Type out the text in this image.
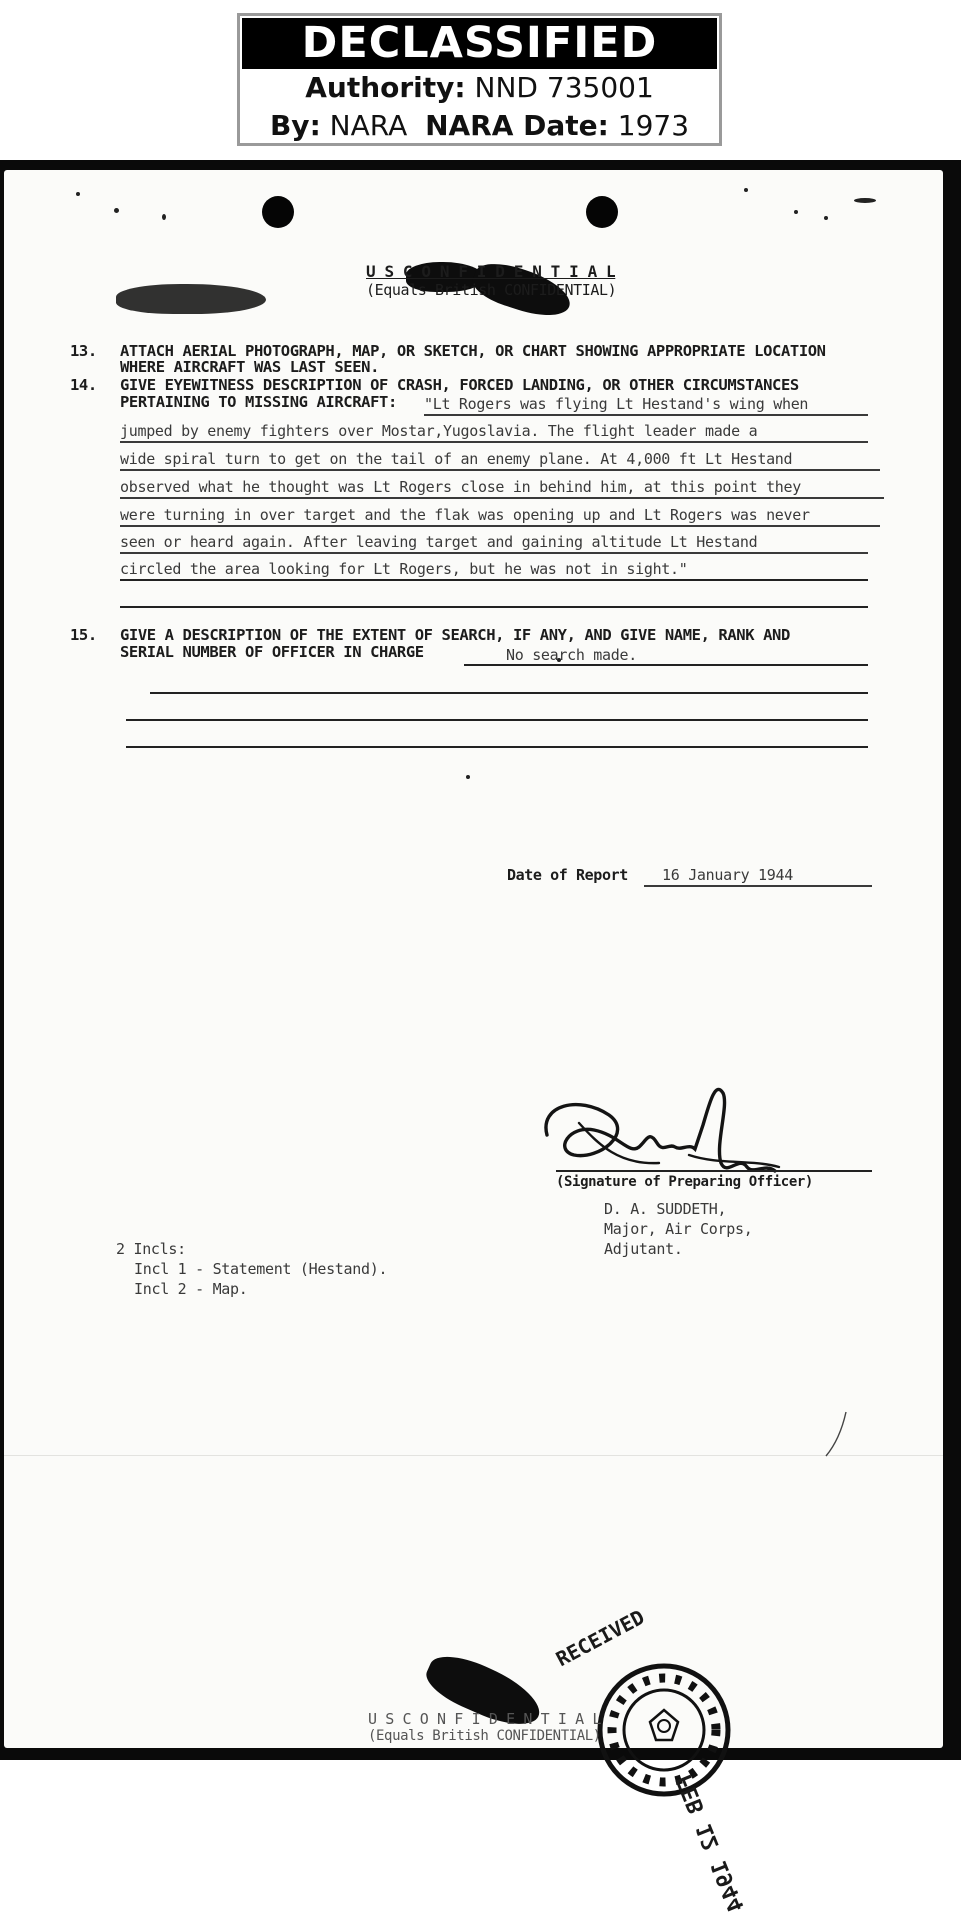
DECLASSIFIED
Authority: NND 735001
By: NARA NARA Date: 1973
U S C O N F I D E N T I A L
(Equals British CONFIDENTIAL)
13. ATTACH AERIAL PHOTOGRAPH, MAP, OR SKETCH, OR CHART SHOWING APPROPRIATE LOCATION
WHERE AIRCRAFT WAS LAST SEEN.
14. GIVE EYEWITNESS DESCRIPTION OF CRASH, FORCED LANDING, OR OTHER CIRCUMSTANCES
PERTAINING TO MISSING AIRCRAFT: "Lt Rogers was flying Lt Hestand's wing when
jumped by enemy fighters over Mostar,Yugoslavia. The flight leader made a
wide spiral turn to get on the tail of an enemy plane. At 4,000 ft Lt Hestand
observed what he thought was Lt Rogers close in behind him, at this point they
were turning in over target and the flak was opening up and Lt Rogers was never
seen or heard again. After leaving target and gaining altitude Lt Hestand
circled the area looking for Lt Rogers, but he was not in sight."
15. GIVE A DESCRIPTION OF THE EXTENT OF SEARCH, IF ANY, AND GIVE NAME, RANK AND
SERIAL NUMBER OF OFFICER IN CHARGE	No search made.
Date of Report 16 January 1944
(Signature of Preparing Officer)
D. A. SUDDETH,
Major, Air Corps,
Adjutant.
2 Incls:
Incl 1 - Statement (Hestand).
Incl 2 - Map.
RECEIVED
FEB 12 1944
U S C O N F I D E N T I A L
(Equals British CONFIDENTIAL)
